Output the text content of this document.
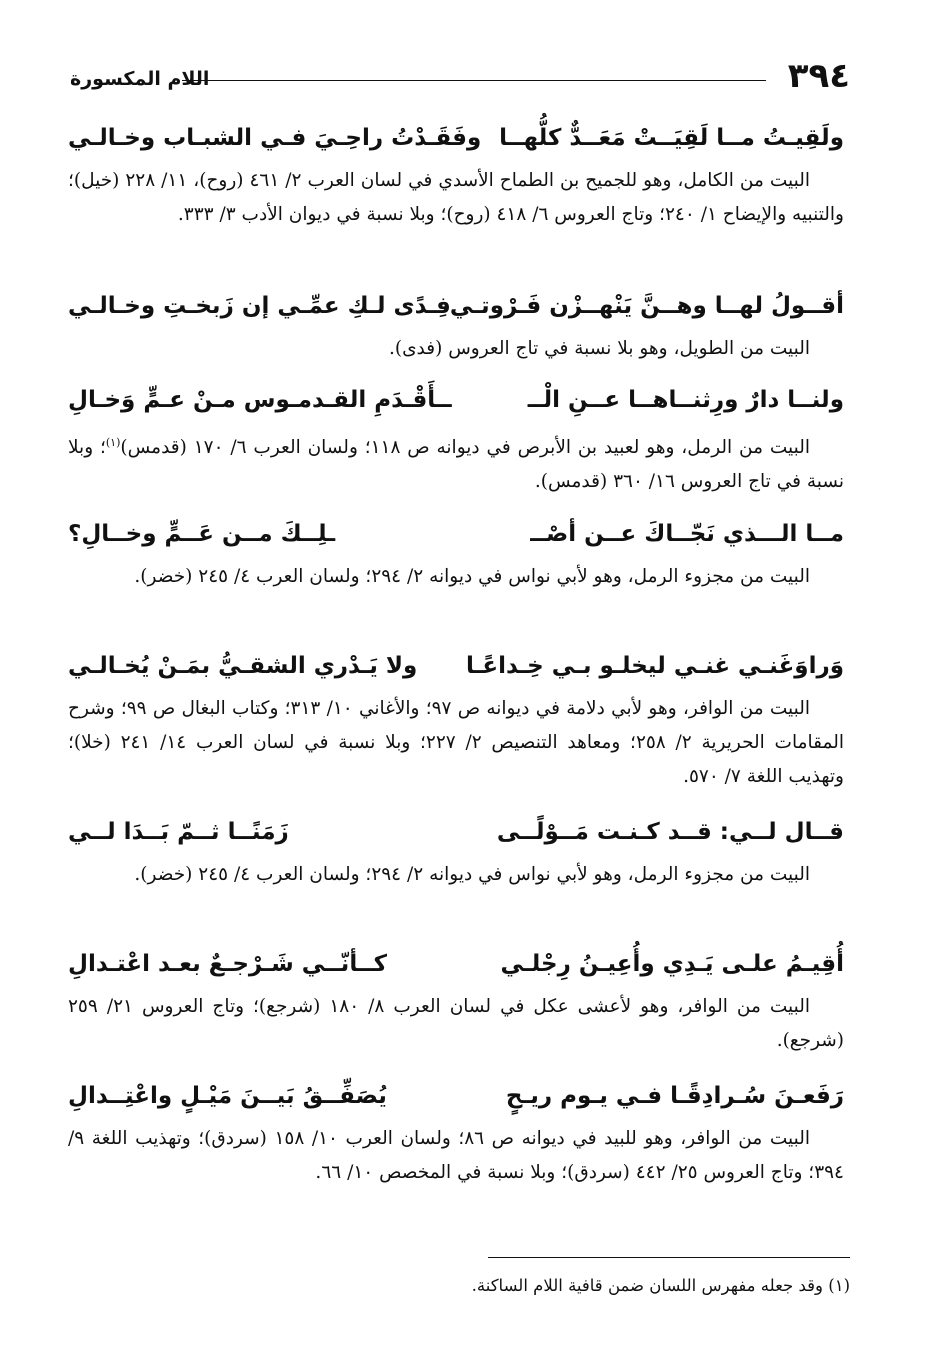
٣٩٤
اللام المكسورة
ولَقِيـتُ مــا لَقِيَــتْ مَعَــدٌّ كلُّهــا
وفَقَـدْتُ راحِـيَ فـي الشبـاب وخـالـي

البيت من الكامل، وهو للجميح بن الطماح الأسدي في لسان العرب ٢/ ٤٦١ (روح)، ١١/ ٢٢٨ (خيل)؛ والتنبيه والإيضاح ١/ ٢٤٠؛ وتاج العروس ٦/ ٤١٨ (روح)؛ وبلا نسبة في ديوان الأدب ٣/ ٣٣٣.

أقــولُ لهــا وهــنَّ يَنْهــزْن فَـرْوتـي
فِـدًى لـكِ عمِّـي إن زَبخـتِ وخـالـي

البيت من الطويل، وهو بلا نسبة في تاج العروس (فدى).

ولنــا دارٌ ورِثنــاهــا عــنِ الْــ
ــأَقْـدَمِ القـدمـوس مـنْ عـمٍّ وَخـالِ

البيت من الرمل، وهو لعبيد بن الأبرص في ديوانه ص ١١٨؛ ولسان العرب ٦/ ١٧٠ (قدمس)$^{(١)}$؛ وبلا نسبة في تاج العروس ١٦/ ٣٦٠ (قدمس).

مــا الـــذي نَجّــاكَ عــن أصْــ
ـلِــكَ مــن عَــمٍّ وخــالِ؟

البيت من مجزوء الرمل، وهو لأبي نواس في ديوانه ٢/ ٢٩٤؛ ولسان العرب ٤/ ٢٤٥ (خضر).

وَراوَغَنـي غنـي ليخلـو بـي خِـداعًـا
ولا يَـدْري الشقـيُّ بمَـنْ يُخـالـي

البيت من الوافر، وهو لأبي دلامة في ديوانه ص ٩٧؛ والأغاني ١٠/ ٣١٣؛ وكتاب البغال ص ٩٩؛ وشرح المقامات الحريرية ٢/ ٢٥٨؛ ومعاهد التنصيص ٢/ ٢٢٧؛ وبلا نسبة في لسان العرب ١٤/ ٢٤١ (خلا)؛ وتهذيب اللغة ٧/ ٥٧٠.

قــال لــي: قــد كـنـت مَــوْلًــى
زَمَنًــا ثــمّ بَــدَا لــي

البيت من مجزوء الرمل، وهو لأبي نواس في ديوانه ٢/ ٢٩٤؛ ولسان العرب ٤/ ٢٤٥ (خضر).

أُقِيـمُ علـى يَـدِي وأُعِيـنُ رِجْلـي
كــأنّــي شَـرْجـعٌ بعـد اعْتـدالِ

البيت من الوافر، وهو لأعشى عكل في لسان العرب ٨/ ١٨٠ (شرجع)؛ وتاج العروس ٢١/ ٢٥٩ (شرجع).

رَفَعـنَ سُـرادِقًـا فـي يـوم ريـحٍ
يُصَفِّــقُ بَيــنَ مَيْـلٍ واعْتِــدالِ

البيت من الوافر، وهو للبيد في ديوانه ص ٨٦؛ ولسان العرب ١٠/ ١٥٨ (سردق)؛ وتهذيب اللغة ٩/ ٣٩٤؛ وتاج العروس ٢٥/ ٤٤٢ (سردق)؛ وبلا نسبة في المخصص ١٠/ ٦٦.

(١) وقد جعله مفهرس اللسان ضمن قافية اللام الساكنة.
